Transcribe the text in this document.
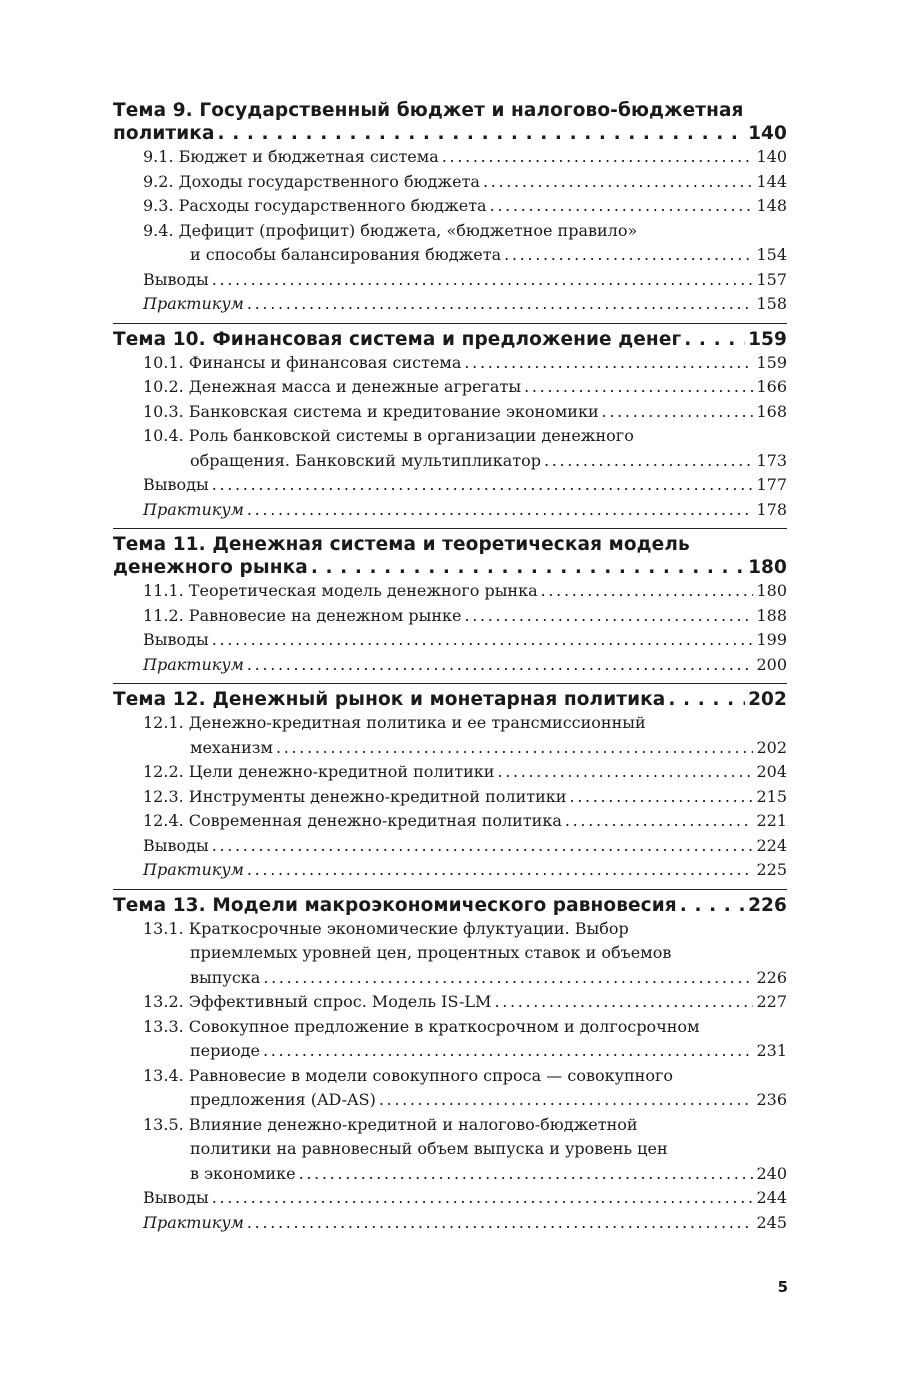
Тема 9. Государственный бюджет и налогово-бюджетная
политика . . .	140
9.1. Бюджет и бюджетная система . . .	140
9.2. Доходы государственного бюджета . . .	144
9.3. Расходы государственного бюджета . . .	148
9.4. Дефицит (профицит) бюджета, «бюджетное правило»
и способы балансирования бюджета . . .	154
Выводы . . .	157
Практикум . . .	158
Тема 10. Финансовая система и предложение денег . . .	159
10.1. Финансы и финансовая система . . .	159
10.2. Денежная масса и денежные агрегаты . . .	166
10.3. Банковская система и кредитование экономики . . .	168
10.4. Роль банковской системы в организации денежного
обращения. Банковский мультипликатор . . .	173
Выводы . . .	177
Практикум . . .	178
Тема 11. Денежная система и теоретическая модель
денежного рынка . . .	180
11.1. Теоретическая модель денежного рынка . . .	180
11.2. Равновесие на денежном рынке . . .	188
Выводы . . .	199
Практикум . . .	200
Тема 12. Денежный рынок и монетарная политика . . .	202
12.1. Денежно-кредитная политика и ее трансмиссионный
механизм . . .	202
12.2. Цели денежно-кредитной политики . . .	204
12.3. Инструменты денежно-кредитной политики . . .	215
12.4. Современная денежно-кредитная политика . . .	221
Выводы . . .	224
Практикум . . .	225
Тема 13. Модели макроэкономического равновесия . . .	226
13.1. Краткосрочные экономические флуктуации. Выбор
приемлемых уровней цен, процентных ставок и объемов
выпуска . . .	226
13.2. Эффективный спрос. Модель IS-LM . . .	227
13.3. Совокупное предложение в краткосрочном и долгосрочном
периоде . . .	231
13.4. Равновесие в модели совокупного спроса — совокупного
предложения (AD-AS) . . .	236
13.5. Влияние денежно-кредитной и налогово-бюджетной
политики на равновесный объем выпуска и уровень цен
в экономике . . .	240
Выводы . . .	244
Практикум . . .	245
5
